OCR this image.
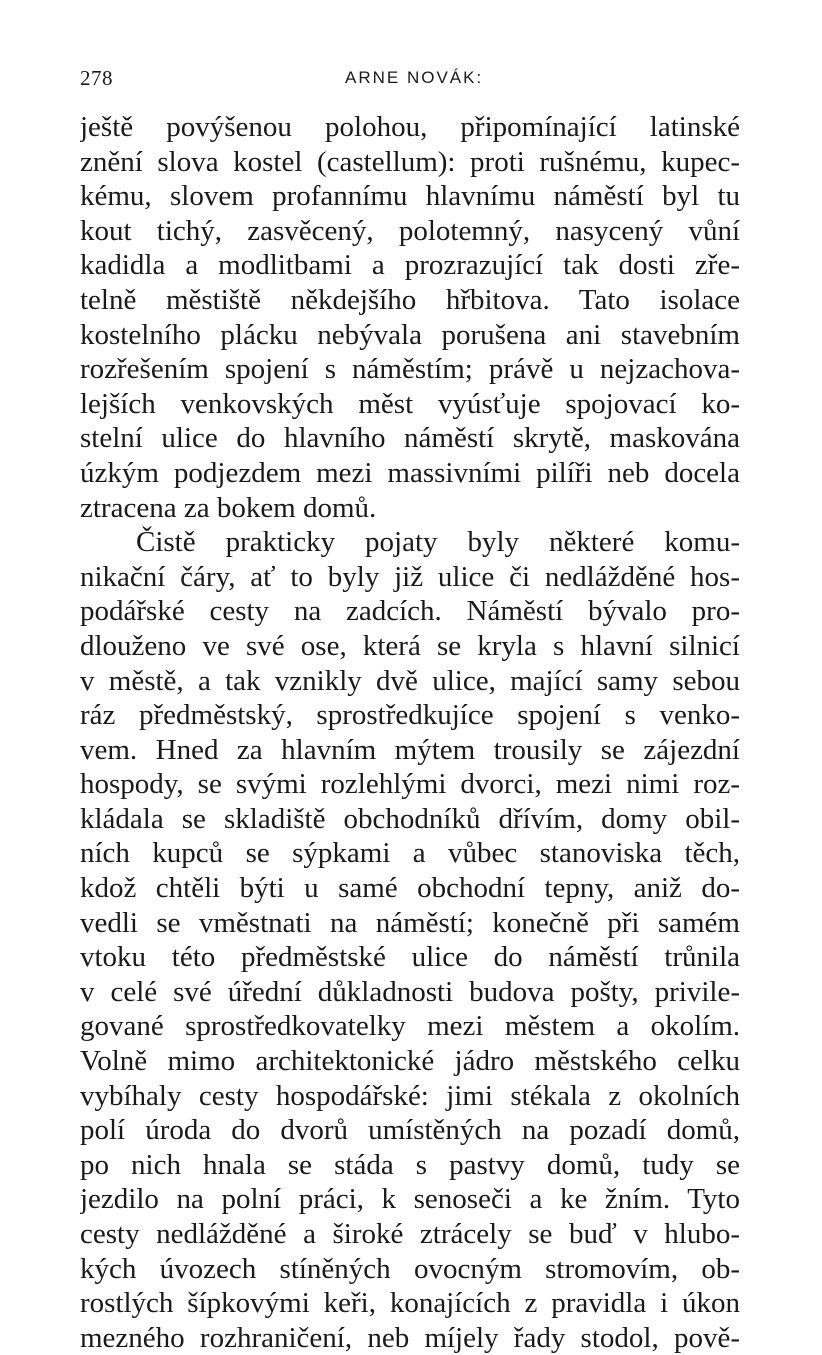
278	ARNE NOVÁK:
ještě povýšenou polohou, připomínající latinské
znění slova kostel (castellum): proti rušnému, kupec-
kému, slovem profannímu hlavnímu náměstí byl tu
kout tichý, zasvěcený, polotemný, nasycený vůní
kadidla a modlitbami a prozrazující tak dosti zře-
telně městiště někdejšího hřbitova. Tato isolace
kostelního plácku nebývala porušena ani stavebním
rozřešením spojení s náměstím; právě u nejzachova-
lejších venkovských měst vyúsťuje spojovací ko-
stelní ulice do hlavního náměstí skrytě, maskována
úzkým podjezdem mezi massivními pilíři neb docela
ztracena za bokem domů.
Čistě prakticky pojaty byly některé komu-
nikační čáry, ať to byly již ulice či nedlážděné hos-
podářské cesty na zadcích. Náměstí bývalo pro-
dlouženo ve své ose, která se kryla s hlavní silnicí
v městě, a tak vznikly dvě ulice, mající samy sebou
ráz předměstský, sprostředkujíce spojení s venko-
vem. Hned za hlavním mýtem trousily se zájezdní
hospody, se svými rozlehlými dvorci, mezi nimi roz-
kládala se skladiště obchodníků dřívím, domy obil-
ních kupců se sýpkami a vůbec stanoviska těch,
kdož chtěli býti u samé obchodní tepny, aniž do-
vedli se vměstnati na náměstí; konečně při samém
vtoku této předměstské ulice do náměstí trůnila
v celé své úřední důkladnosti budova pošty, privile-
gované sprostředkovatelky mezi městem a okolím.
Volně mimo architektonické jádro městského celku
vybíhaly cesty hospodářské: jimi stékala z okolních
polí úroda do dvorů umístěných na pozadí domů,
po nich hnala se stáda s pastvy domů, tudy se
jezdilo na polní práci, k senoseči a ke žním. Tyto
cesty nedlážděné a široké ztrácely se buď v hlubo-
kých úvozech stíněných ovocným stromovím, ob-
rostlých šípkovými keři, konajících z pravidla i úkon
mezného rozhraničení, neb míjely řady stodol, pově-
